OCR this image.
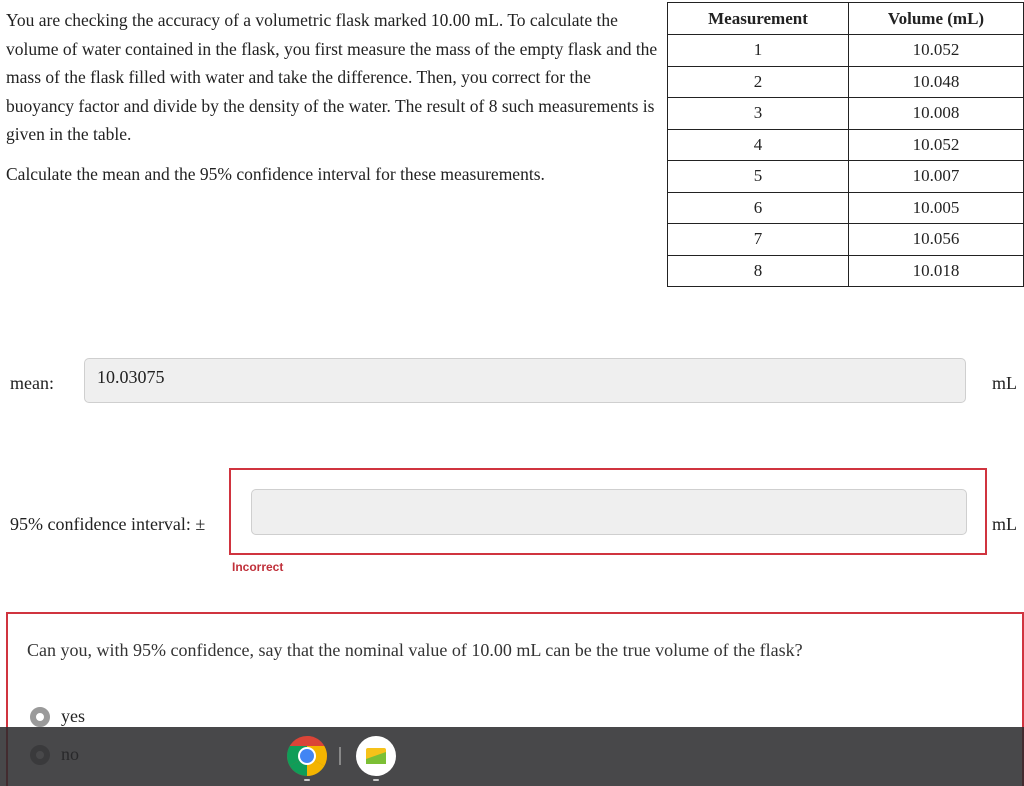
You are checking the accuracy of a volumetric flask marked 10.00 mL. To calculate the volume of water contained in the flask, you first measure the mass of the empty flask and the mass of the flask filled with water and take the difference. Then, you correct for the buoyancy factor and divide by the density of the water. The result of 8 such measurements is given in the table.

Calculate the mean and the 95% confidence interval for these measurements.

Measurement	Volume (mL)
1	10.052
2	10.048
3	10.008
4	10.052
5	10.007
6	10.005
7	10.056
8	10.018
mean:
10.03075	mL
95% confidence interval: ±	mL
Incorrect
Can you, with 95% confidence, say that the nominal value of 10.00 mL can be the true volume of the flask?
yes
